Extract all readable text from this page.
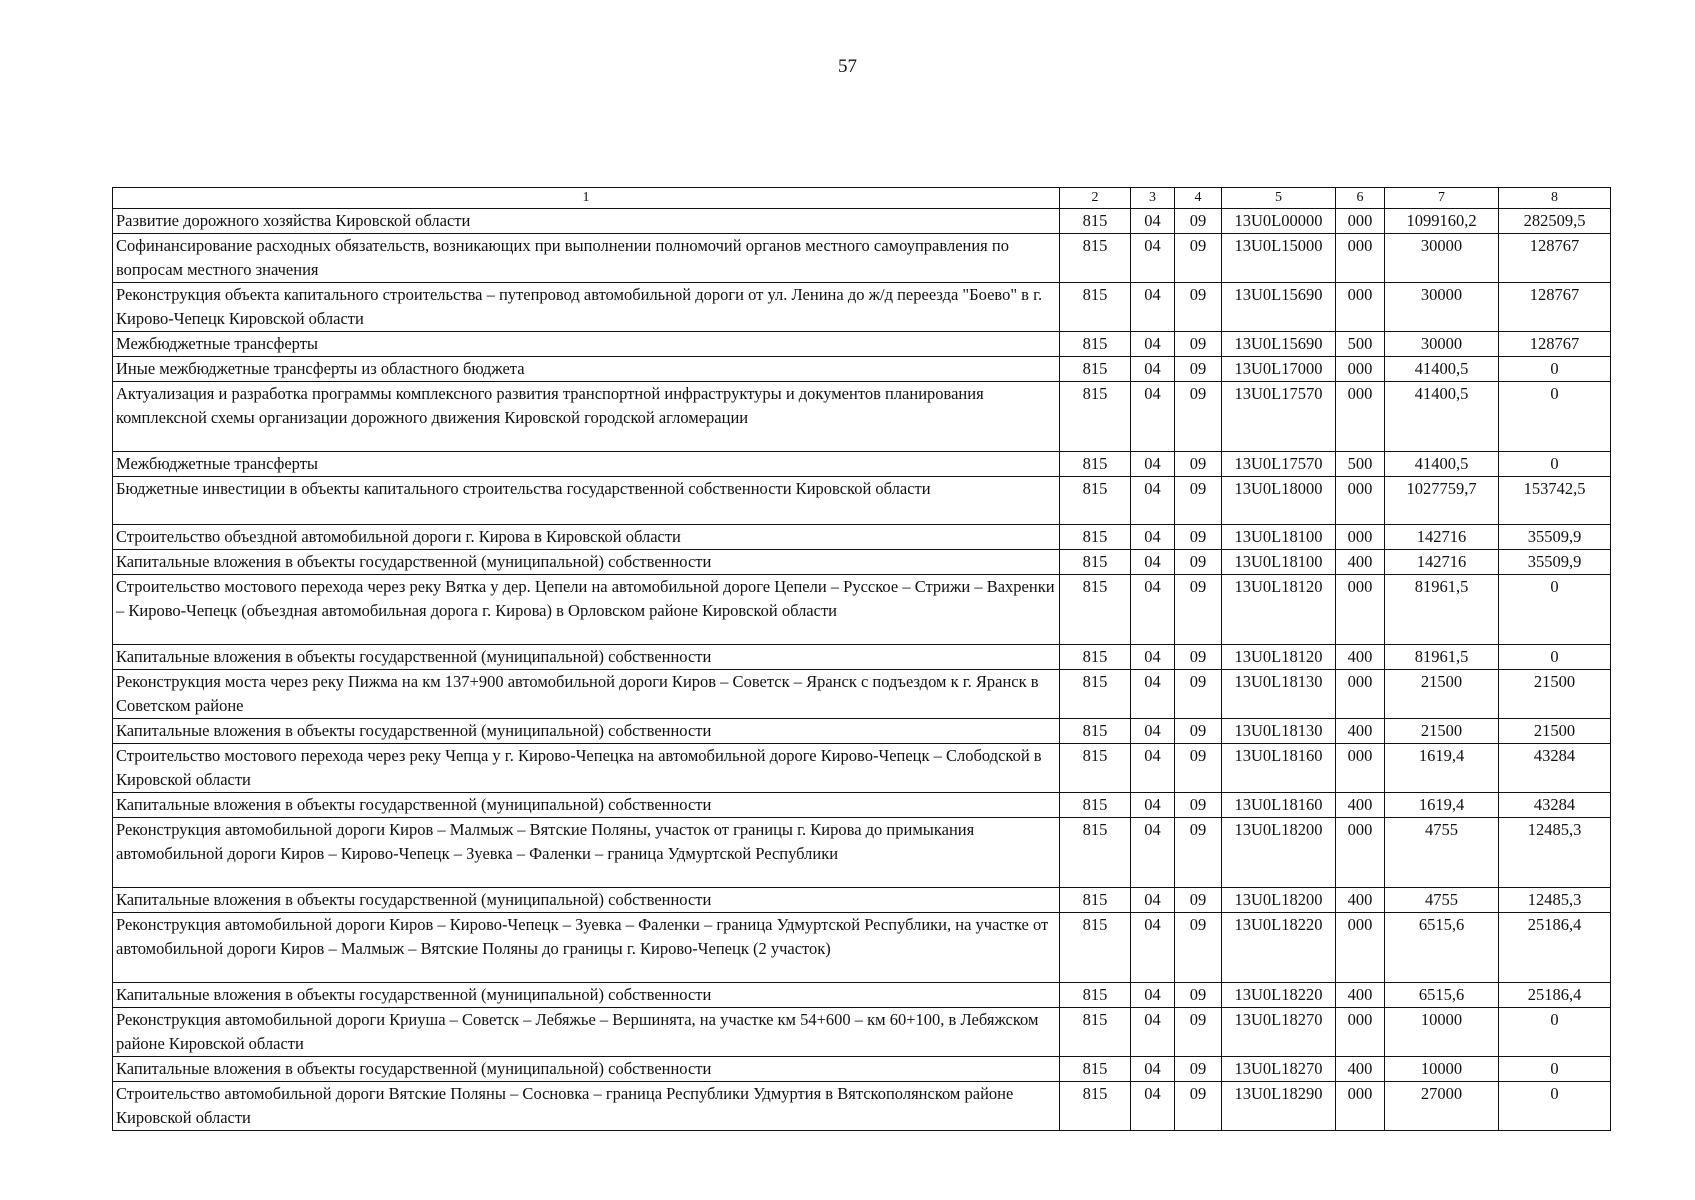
57
1	2	3	4	5	6	7	8
Развитие дорожного хозяйства Кировской области	815	04	09	13U0L00000	000	1099160,2	282509,5
Софинансирование расходных обязательств, возникающих при выполнении полномочий органов местного самоуправления по вопросам местного значения	815	04	09	13U0L15000	000	30000	128767
Реконструкция объекта капитального строительства – путепровод автомобильной дороги от ул. Ленина до ж/д переезда "Боево" в г. Кирово-Чепецк Кировской области	815	04	09	13U0L15690	000	30000	128767
Межбюджетные трансферты	815	04	09	13U0L15690	500	30000	128767
Иные межбюджетные трансферты из областного бюджета	815	04	09	13U0L17000	000	41400,5	0
Актуализация и разработка программы комплексного развития транспортной инфраструктуры и документов планирования комплексной схемы организации дорожного движения Кировской городской агломерации	815	04	09	13U0L17570	000	41400,5	0
Межбюджетные трансферты	815	04	09	13U0L17570	500	41400,5	0
Бюджетные инвестиции в объекты капитального строительства государственной собственности Кировской области	815	04	09	13U0L18000	000	1027759,7	153742,5
Строительство объездной автомобильной дороги г. Кирова в Кировской области	815	04	09	13U0L18100	000	142716	35509,9
Капитальные вложения в объекты государственной (муниципальной) собственности	815	04	09	13U0L18100	400	142716	35509,9
Строительство мостового перехода через реку Вятка у дер. Цепели на автомобильной дороге Цепели – Русское – Стрижи – Вахренки – Кирово-Чепецк (объездная автомобильная дорога г. Кирова) в Орловском районе Кировской области	815	04	09	13U0L18120	000	81961,5	0
Капитальные вложения в объекты государственной (муниципальной) собственности	815	04	09	13U0L18120	400	81961,5	0
Реконструкция моста через реку Пижма на км 137+900 автомобильной дороги Киров – Советск – Яранск с подъездом к г. Яранск в Советском районе	815	04	09	13U0L18130	000	21500	21500
Капитальные вложения в объекты государственной (муниципальной) собственности	815	04	09	13U0L18130	400	21500	21500
Строительство мостового перехода через реку Чепца у г. Кирово-Чепецка на автомобильной дороге Кирово-Чепецк – Слободской в Кировской области	815	04	09	13U0L18160	000	1619,4	43284
Капитальные вложения в объекты государственной (муниципальной) собственности	815	04	09	13U0L18160	400	1619,4	43284
Реконструкция автомобильной дороги Киров – Малмыж – Вятские Поляны, участок от границы г. Кирова до примыкания автомобильной дороги Киров – Кирово-Чепецк – Зуевка – Фаленки – граница Удмуртской Республики	815	04	09	13U0L18200	000	4755	12485,3
Капитальные вложения в объекты государственной (муниципальной) собственности	815	04	09	13U0L18200	400	4755	12485,3
Реконструкция автомобильной дороги Киров – Кирово-Чепецк – Зуевка – Фаленки – граница Удмуртской Республики, на участке от автомобильной дороги Киров – Малмыж – Вятские Поляны до границы г. Кирово-Чепецк (2 участок)	815	04	09	13U0L18220	000	6515,6	25186,4
Капитальные вложения в объекты государственной (муниципальной) собственности	815	04	09	13U0L18220	400	6515,6	25186,4
Реконструкция автомобильной дороги Криуша – Советск – Лебяжье – Вершинята, на участке км 54+600 – км 60+100, в Лебяжском районе Кировской области	815	04	09	13U0L18270	000	10000	0
Капитальные вложения в объекты государственной (муниципальной) собственности	815	04	09	13U0L18270	400	10000	0
Строительство автомобильной дороги Вятские Поляны – Сосновка – граница Республики Удмуртия в Вятскополянском районе Кировской области	815	04	09	13U0L18290	000	27000	0
